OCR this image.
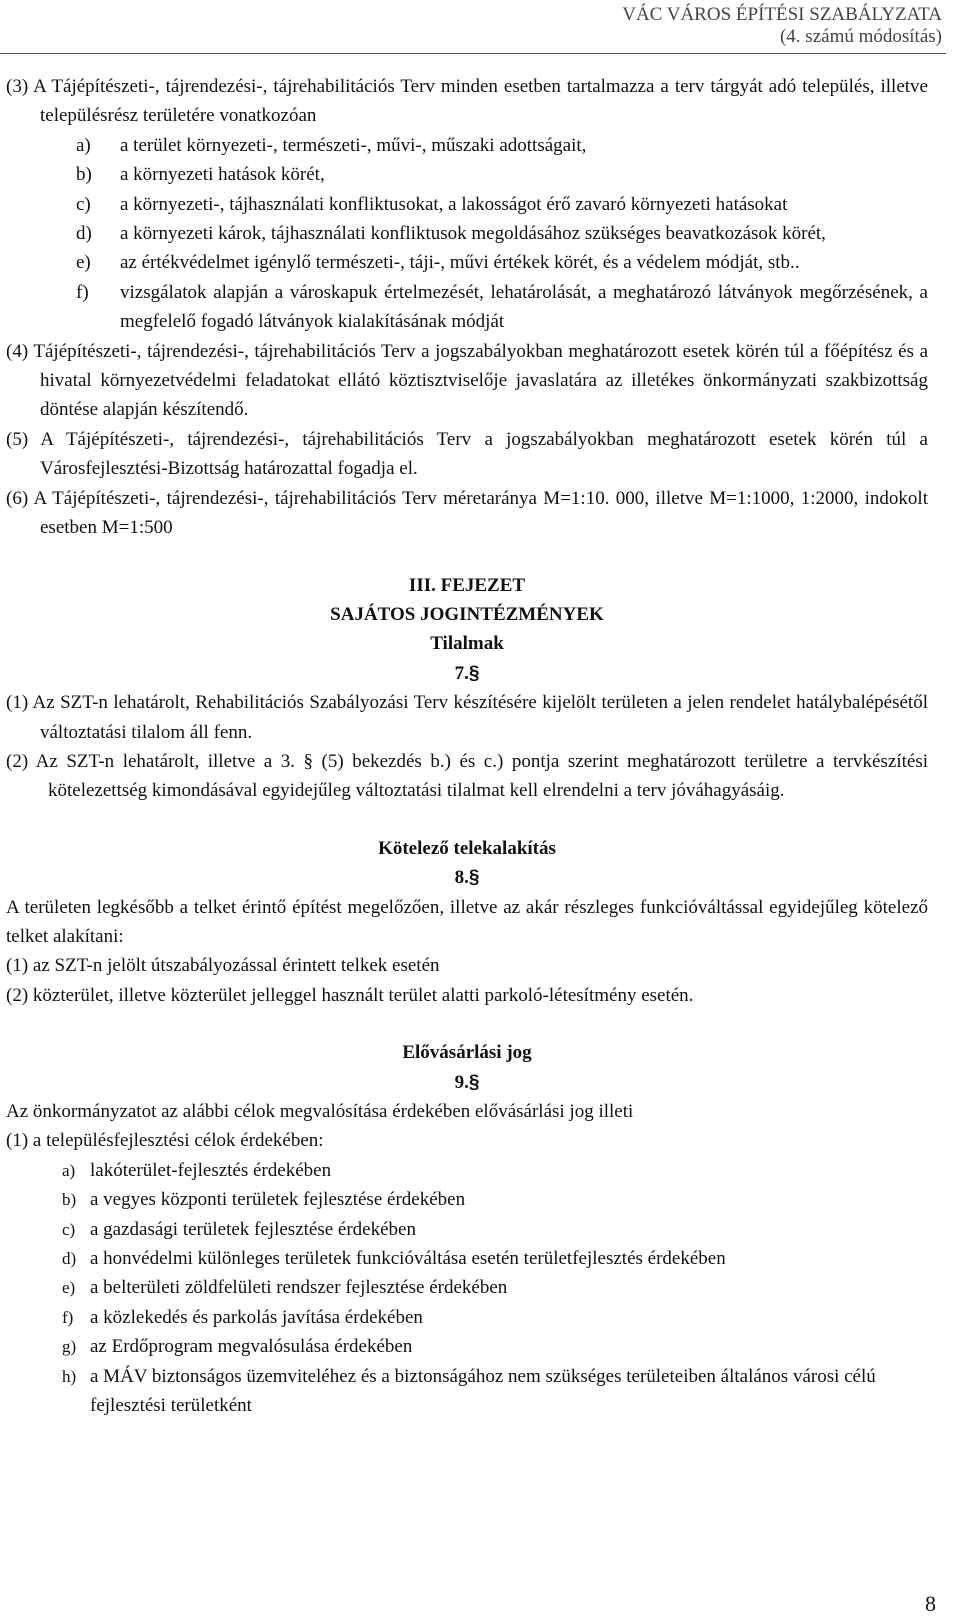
VÁC VÁROS ÉPÍTÉSI SZABÁLYZATA
(4. számú módosítás)
(3) A Tájépítészeti-, tájrendezési-, tájrehabilitációs Terv minden esetben tartalmazza a terv tárgyát adó település, illetve településrész területére vonatkozóan
a) a terület környezeti-, természeti-, művi-, műszaki adottságait,
b) a környezeti hatások körét,
c) a környezeti-, tájhasználati konfliktusokat, a lakosságot érő zavaró környezeti hatásokat
d) a környezeti károk, tájhasználati konfliktusok megoldásához szükséges beavatkozások körét,
e) az értékvédelmet igénylő természeti-, táji-, művi értékek körét, és a védelem módját, stb..
f) vizsgálatok alapján a városkapuk értelmezését, lehatárolását, a meghatározó látványok megőrzésének, a megfelelő fogadó látványok kialakításának módját
(4) Tájépítészeti-, tájrendezési-, tájrehabilitációs Terv a jogszabályokban meghatározott esetek körén túl a főépítész és a hivatal környezetvédelmi feladatokat ellátó köztisztviselője javaslatára az illetékes önkormányzati szakbizottság döntése alapján készítendő.
(5) A Tájépítészeti-, tájrendezési-, tájrehabilitációs Terv a jogszabályokban meghatározott esetek körén túl a Városfejlesztési-Bizottság határozattal fogadja el.
(6) A Tájépítészeti-, tájrendezési-, tájrehabilitációs Terv méretaránya M=1:10. 000, illetve M=1:1000, 1:2000, indokolt esetben M=1:500
III. FEJEZET
SAJÁTOS JOGINTÉZMÉNYEK
Tilalmak
7.§
(1) Az SZT-n lehatárolt, Rehabilitációs Szabályozási Terv készítésére kijelölt területen a jelen rendelet hatálybalépésétől változtatási tilalom áll fenn.
(2) Az SZT-n lehatárolt, illetve a 3. § (5) bekezdés b.) és c.) pontja szerint meghatározott területre a tervkészítési kötelezettség kimondásával egyidejűleg változtatási tilalmat kell elrendelni a terv jóváhagyásáig.
Kötelező telekalakítás
8.§
A területen legkésőbb a telket érintő építést megelőzően, illetve az akár részleges funkcióváltással egyidejűleg kötelező telket alakítani:
(1) az SZT-n jelölt útszabályozással érintett telkek esetén
(2) közterület, illetve közterület jelleggel használt terület alatti parkoló-létesítmény esetén.
Elővásárlási jog
9.§
Az önkormányzatot az alábbi célok megvalósítása érdekében elővásárlási jog illeti
(1) a településfejlesztési célok érdekében:
a) lakóterület-fejlesztés érdekében
b) a vegyes központi területek fejlesztése érdekében
c) a gazdasági területek fejlesztése érdekében
d) a honvédelmi különleges területek funkcióváltása esetén területfejlesztés érdekében
e) a belterületi zöldfelületi rendszer fejlesztése érdekében
f) a közlekedés és parkolás javítása érdekében
g) az Erdőprogram megvalósulása érdekében
h) a MÁV biztonságos üzemviteléhez és a biztonságához nem szükséges területeiben általános városi célú fejlesztési területként
8
